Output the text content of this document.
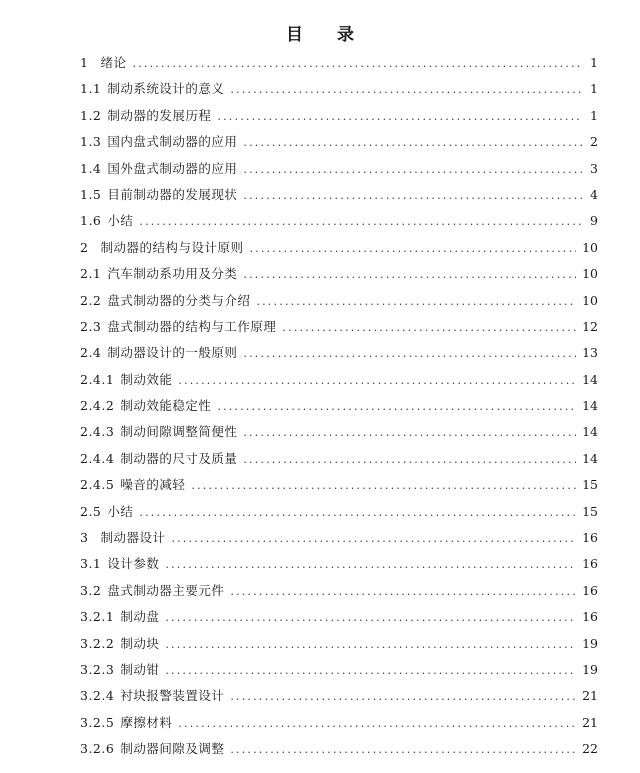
目 录
1 绪论 .....	1
1.1 制动系统设计的意义 .....	1
1.2 制动器的发展历程 .....	1
1.3 国内盘式制动器的应用 .....	2
1.4 国外盘式制动器的应用 .....	3
1.5 目前制动器的发展现状 .....	4
1.6 小结 .....	9
2 制动器的结构与设计原则 .....	10
2.1 汽车制动系功用及分类 .....	10
2.2 盘式制动器的分类与介绍 .....	10
2.3 盘式制动器的结构与工作原理 .....	12
2.4 制动器设计的一般原则 .....	13
2.4.1 制动效能 .....	14
2.4.2 制动效能稳定性 .....	14
2.4.3 制动间隙调整简便性 .....	14
2.4.4 制动器的尺寸及质量 .....	14
2.4.5 噪音的减轻 .....	15
2.5 小结 .....	15
3 制动器设计 .....	16
3.1 设计参数 .....	16
3.2 盘式制动器主要元件 .....	16
3.2.1 制动盘 .....	16
3.2.2 制动块 .....	19
3.2.3 制动钳 .....	19
3.2.4 衬块报警装置设计 .....	21
3.2.5 摩擦材料 .....	21
3.2.6 制动器间隙及调整 .....	22
